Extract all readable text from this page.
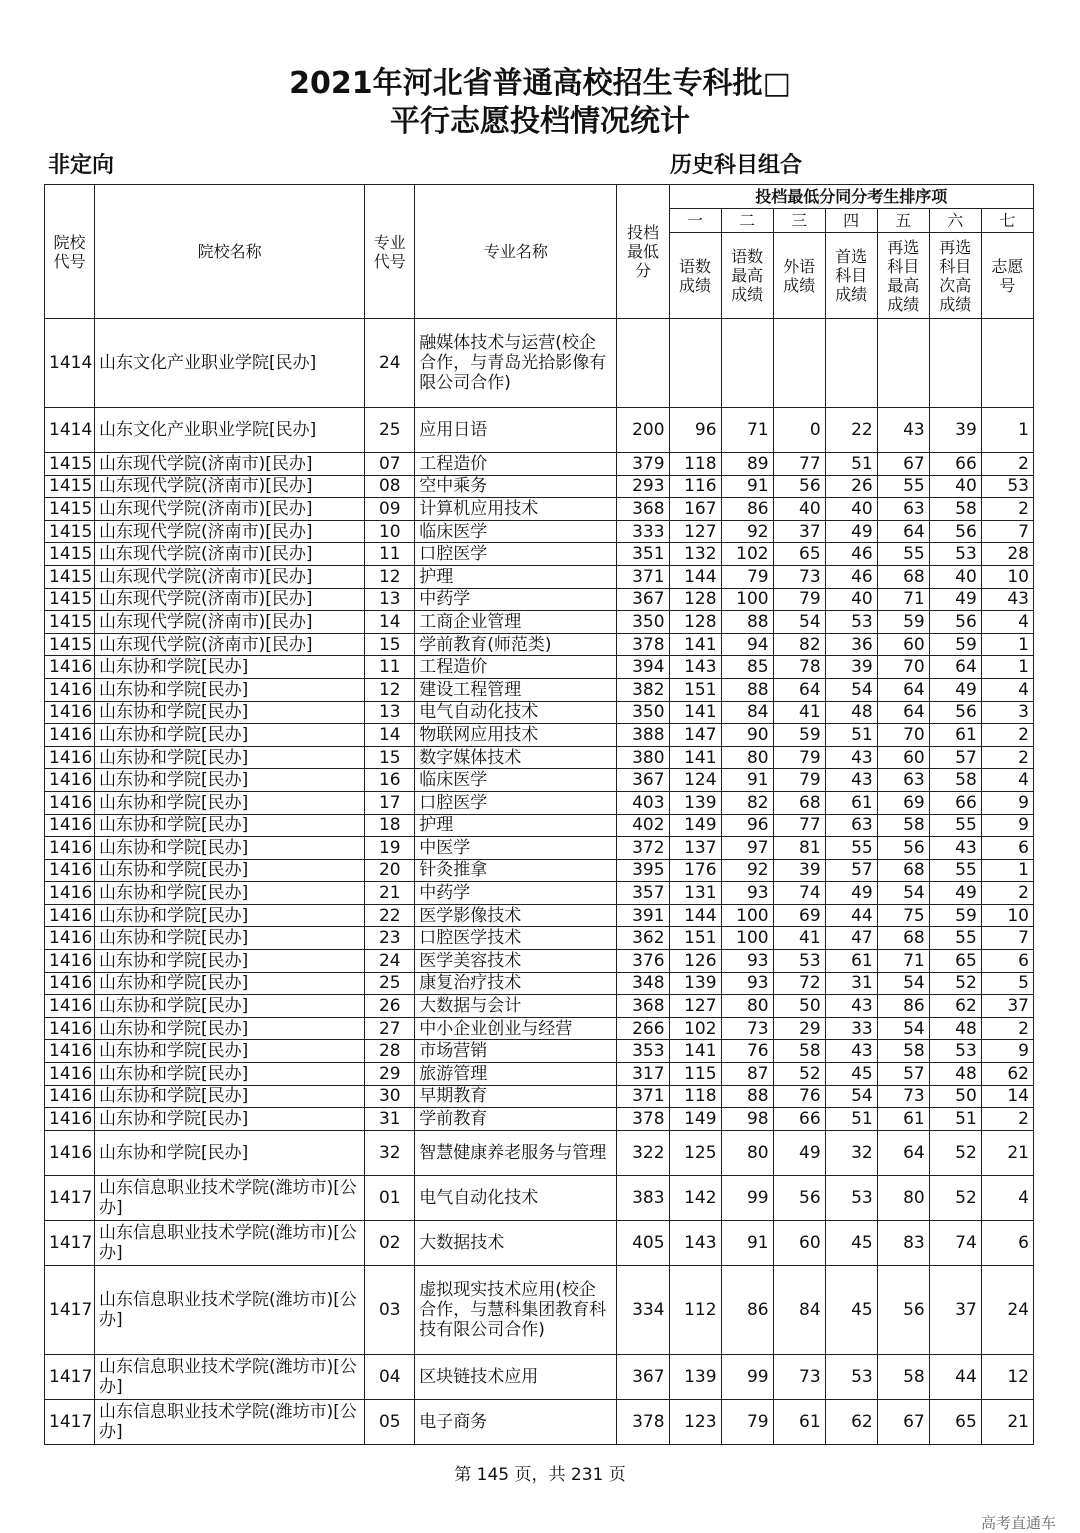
2021年河北省普通高校招生专科批□
平行志愿投档情况统计
非定向	历史科目组合
院校代号	院校名称	专业代号	专业名称	投档最低分	投档最低分同分考生排序项						
					一	二	三	四	五	六	七
					语数成绩	语数最高成绩	外语成绩	首选科目成绩	再选科目最高成绩	再选科目次高成绩	志愿号
1414	山东文化产业职业学院[民办]	24	融媒体技术与运营(校企合作，与青岛光拾影像有限公司合作)								
1414	山东文化产业职业学院[民办]	25	应用日语	200	96	71	0	22	43	39	1
1415	山东现代学院(济南市)[民办]	07	工程造价	379	118	89	77	51	67	66	2
1415	山东现代学院(济南市)[民办]	08	空中乘务	293	116	91	56	26	55	40	53
1415	山东现代学院(济南市)[民办]	09	计算机应用技术	368	167	86	40	40	63	58	2
1415	山东现代学院(济南市)[民办]	10	临床医学	333	127	92	37	49	64	56	7
1415	山东现代学院(济南市)[民办]	11	口腔医学	351	132	102	65	46	55	53	28
1415	山东现代学院(济南市)[民办]	12	护理	371	144	79	73	46	68	40	10
1415	山东现代学院(济南市)[民办]	13	中药学	367	128	100	79	40	71	49	43
1415	山东现代学院(济南市)[民办]	14	工商企业管理	350	128	88	54	53	59	56	4
1415	山东现代学院(济南市)[民办]	15	学前教育(师范类)	378	141	94	82	36	60	59	1
1416	山东协和学院[民办]	11	工程造价	394	143	85	78	39	70	64	1
1416	山东协和学院[民办]	12	建设工程管理	382	151	88	64	54	64	49	4
1416	山东协和学院[民办]	13	电气自动化技术	350	141	84	41	48	64	56	3
1416	山东协和学院[民办]	14	物联网应用技术	388	147	90	59	51	70	61	2
1416	山东协和学院[民办]	15	数字媒体技术	380	141	80	79	43	60	57	2
1416	山东协和学院[民办]	16	临床医学	367	124	91	79	43	63	58	4
1416	山东协和学院[民办]	17	口腔医学	403	139	82	68	61	69	66	9
1416	山东协和学院[民办]	18	护理	402	149	96	77	63	58	55	9
1416	山东协和学院[民办]	19	中医学	372	137	97	81	55	56	43	6
1416	山东协和学院[民办]	20	针灸推拿	395	176	92	39	57	68	55	1
1416	山东协和学院[民办]	21	中药学	357	131	93	74	49	54	49	2
1416	山东协和学院[民办]	22	医学影像技术	391	144	100	69	44	75	59	10
1416	山东协和学院[民办]	23	口腔医学技术	362	151	100	41	47	68	55	7
1416	山东协和学院[民办]	24	医学美容技术	376	126	93	53	61	71	65	6
1416	山东协和学院[民办]	25	康复治疗技术	348	139	93	72	31	54	52	5
1416	山东协和学院[民办]	26	大数据与会计	368	127	80	50	43	86	62	37
1416	山东协和学院[民办]	27	中小企业创业与经营	266	102	73	29	33	54	48	2
1416	山东协和学院[民办]	28	市场营销	353	141	76	58	43	58	53	9
1416	山东协和学院[民办]	29	旅游管理	317	115	87	52	45	57	48	62
1416	山东协和学院[民办]	30	早期教育	371	118	88	76	54	73	50	14
1416	山东协和学院[民办]	31	学前教育	378	149	98	66	51	61	51	2
1416	山东协和学院[民办]	32	智慧健康养老服务与管理	322	125	80	49	32	64	52	21
1417	山东信息职业技术学院(潍坊市)[公办]	01	电气自动化技术	383	142	99	56	53	80	52	4
1417	山东信息职业技术学院(潍坊市)[公办]	02	大数据技术	405	143	91	60	45	83	74	6
1417	山东信息职业技术学院(潍坊市)[公办]	03	虚拟现实技术应用(校企合作，与慧科集团教育科技有限公司合作)	334	112	86	84	45	56	37	24
1417	山东信息职业技术学院(潍坊市)[公办]	04	区块链技术应用	367	139	99	73	53	58	44	12
1417	山东信息职业技术学院(潍坊市)[公办]	05	电子商务	378	123	79	61	62	67	65	21
第 145 页，共 231 页
高考直通车
